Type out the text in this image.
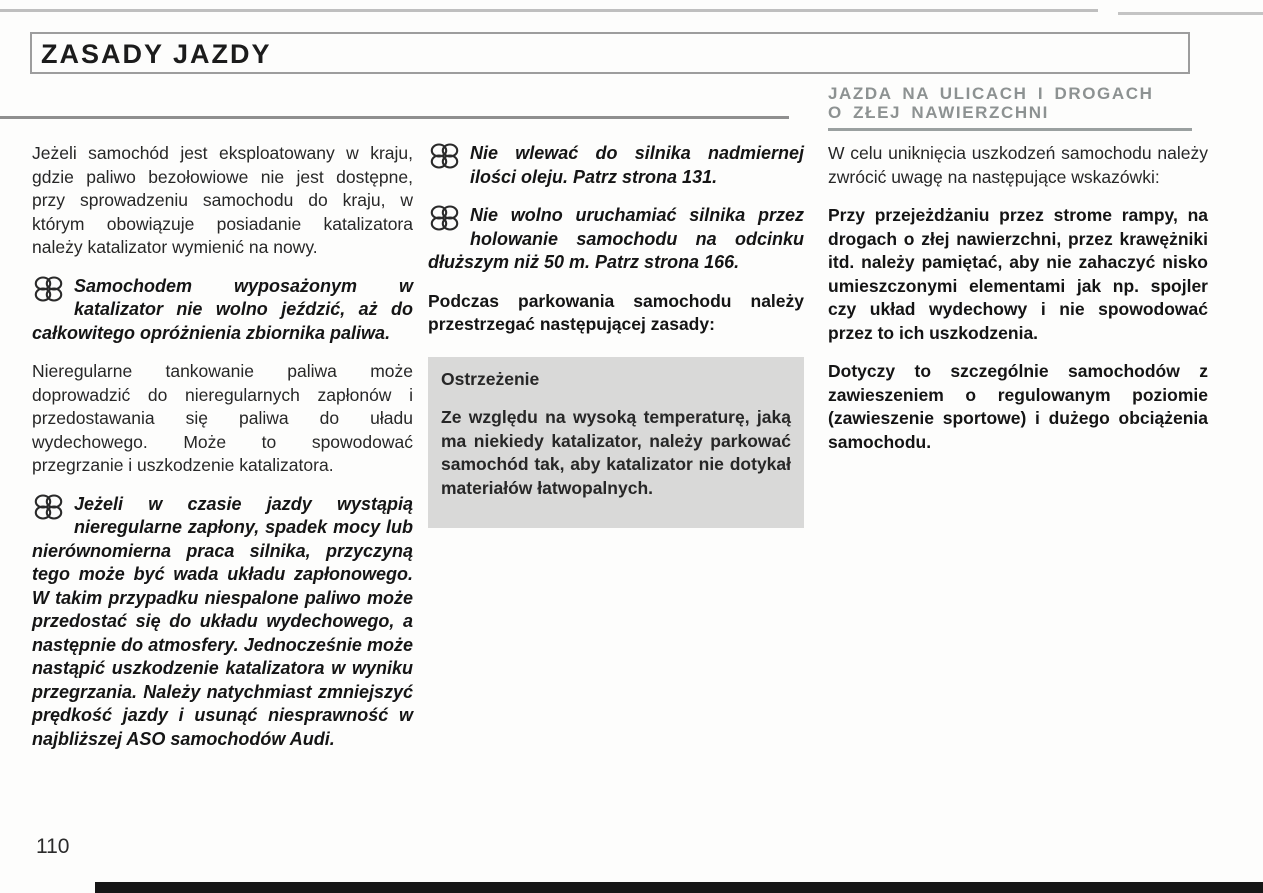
ZASADY JAZDY
JAZDA NA ULICACH I DROGACH
O ZŁEJ NAWIERZCHNI

Jeżeli samochód jest eksploatowany w kraju, gdzie paliwo bezołowiowe nie jest dostępne, przy sprowadzeniu samochodu do kraju, w którym obowiązuje posiadanie katalizatora należy katalizator wymienić na nowy.

Samochodem wyposażonym w katalizator nie wolno jeździć, aż do całkowitego opróżnienia zbiornika paliwa.

Nieregularne tankowanie paliwa może doprowadzić do nieregularnych zapłonów i przedostawania się paliwa do uładu wydechowego. Może to spowodować przegrzanie i uszkodzenie katalizatora.

Jeżeli w czasie jazdy wystąpią nieregularne zapłony, spadek mocy lub nierównomierna praca silnika, przyczyną tego może być wada układu zapłonowego. W takim przypadku niespalone paliwo może przedostać się do układu wydechowego, a następnie do atmosfery. Jednocześnie może nastąpić uszkodzenie katalizatora w wyniku przegrzania. Należy natychmiast zmniejszyć prędkość jazdy i usunąć niesprawność w najbliższej ASO samochodów Audi.

Nie wlewać do silnika nadmiernej ilości oleju. Patrz strona 131.

Nie wolno uruchamiać silnika przez holowanie samochodu na odcinku dłuższym niż 50 m. Patrz strona 166.

Podczas parkowania samochodu należy przestrzegać następującej zasady:

Ostrzeżenie

Ze względu na wysoką temperaturę, jaką ma niekiedy katalizator, należy parkować samochód tak, aby katalizator nie dotykał materiałów łatwopalnych.

W celu uniknięcia uszkodzeń samochodu należy zwrócić uwagę na następujące wskazówki:

Przy przejeżdżaniu przez strome rampy, na drogach o złej nawierzchni, przez krawężniki itd. należy pamiętać, aby nie zahaczyć nisko umieszczonymi elementami jak np. spojler czy układ wydechowy i nie spowodować przez to ich uszkodzenia.

Dotyczy to szczególnie samochodów z zawieszeniem o regulowanym poziomie (zawieszenie sportowe) i dużego obciążenia samochodu.

110
